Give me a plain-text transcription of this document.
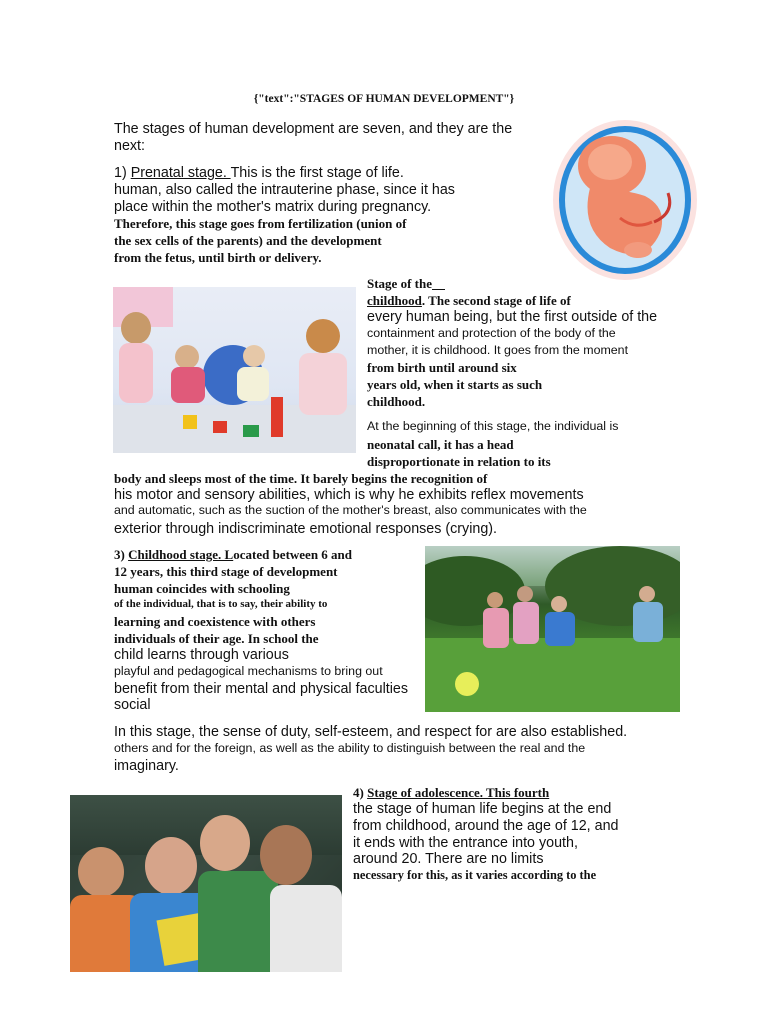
{"text":"STAGES OF HUMAN DEVELOPMENT"}
The stages of human development are seven, and they are the
next:
1) Prenatal stage. This is the first stage of life.
human, also called the intrauterine phase, since it has
place within the mother's matrix during pregnancy.
Therefore, this stage goes from fertilization (union of
the sex cells of the parents) and the development
from the fetus, until birth or delivery.
Stage of the
childhood. The second stage of life of
every human being, but the first outside of the
containment and protection of the body of the
mother, it is childhood. It goes from the moment
from birth until around six
years old, when it starts as such
childhood.
At the beginning of this stage, the individual is
neonatal call, it has a head
disproportionate in relation to its
body and sleeps most of the time. It barely begins the recognition of
his motor and sensory abilities, which is why he exhibits reflex movements
and automatic, such as the suction of the mother's breast, also communicates with the
exterior through indiscriminate emotional responses (crying).
3) Childhood stage. Located between 6 and
12 years, this third stage of development
human coincides with schooling
of the individual, that is to say, their ability to
learning and coexistence with others
individuals of their age. In school the
child learns through various
playful and pedagogical mechanisms to bring out
benefit from their mental and physical faculties
social
In this stage, the sense of duty, self-esteem, and respect for are also established.
others and for the foreign, as well as the ability to distinguish between the real and the
imaginary.
4) Stage of adolescence. This fourth
the stage of human life begins at the end
from childhood, around the age of 12, and
it ends with the entrance into youth,
around 20. There are no limits
necessary for this, as it varies according to the
